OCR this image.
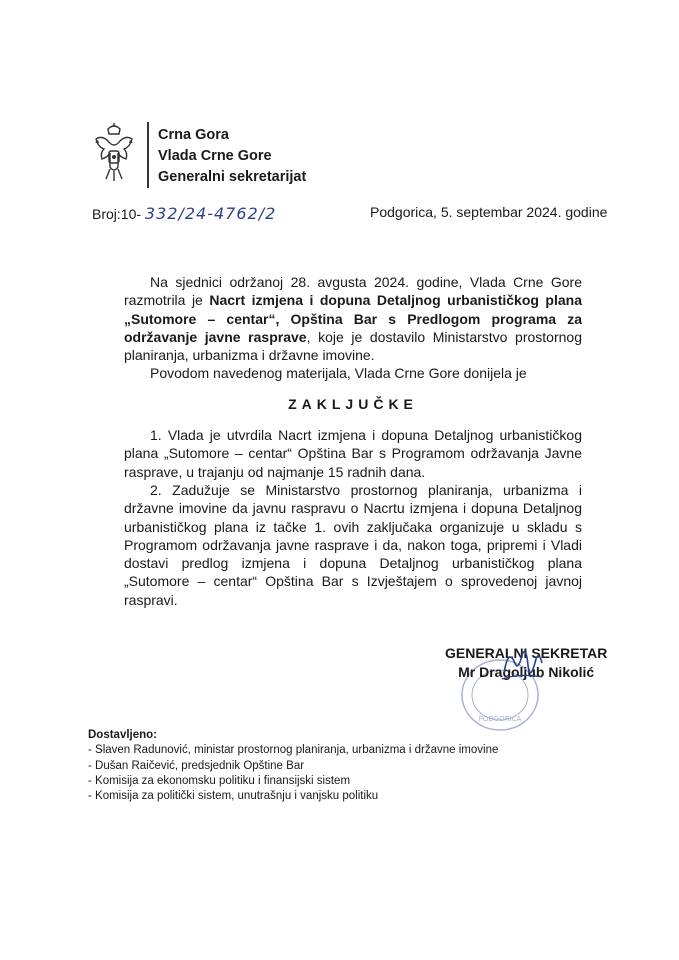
Crna Gora
Vlada Crne Gore
Generalni sekretarijat
Broj:10- 332/24-4762/2	Podgorica, 5. septembar 2024. godine

Na sjednici održanoj 28. avgusta 2024. godine, Vlada Crne Gore razmotrila je Nacrt izmjena i dopuna Detaljnog urbanističkog plana „Sutomore – centar“, Opština Bar s Predlogom programa za održavanje javne rasprave, koje je dostavilo Ministarstvo prostornog planiranja, urbanizma i državne imovine.

Povodom navedenog materijala, Vlada Crne Gore donijela je

ZAKLJUČKE

1. Vlada je utvrdila Nacrt izmjena i dopuna Detaljnog urbanističkog plana „Sutomore – centar“ Opština Bar s Programom održavanja Javne rasprave, u trajanju od najmanje 15 radnih dana.

2. Zadužuje se Ministarstvo prostornog planiranja, urbanizma i državne imovine da javnu raspravu o Nacrtu izmjena i dopuna Detaljnog urbanističkog plana iz tačke 1. ovih zaključaka organizuje u skladu s Programom održavanja javne rasprave i da, nakon toga, pripremi i Vladi dostavi predlog izmjena i dopuna Detaljnog urbanističkog plana „Sutomore – centar“ Opština Bar s Izvještajem o sprovedenoj javnoj raspravi.

PODGORICA
GENERALNI SEKRETAR
Mr Dragoljub Nikolić
Dostavljeno:
- Slaven Radunović, ministar prostornog planiranja, urbanizma i državne imovine
- Dušan Raičević, predsjednik Opštine Bar
- Komisija za ekonomsku politiku i finansijski sistem
- Komisija za politički sistem, unutrašnju i vanjsku politiku
